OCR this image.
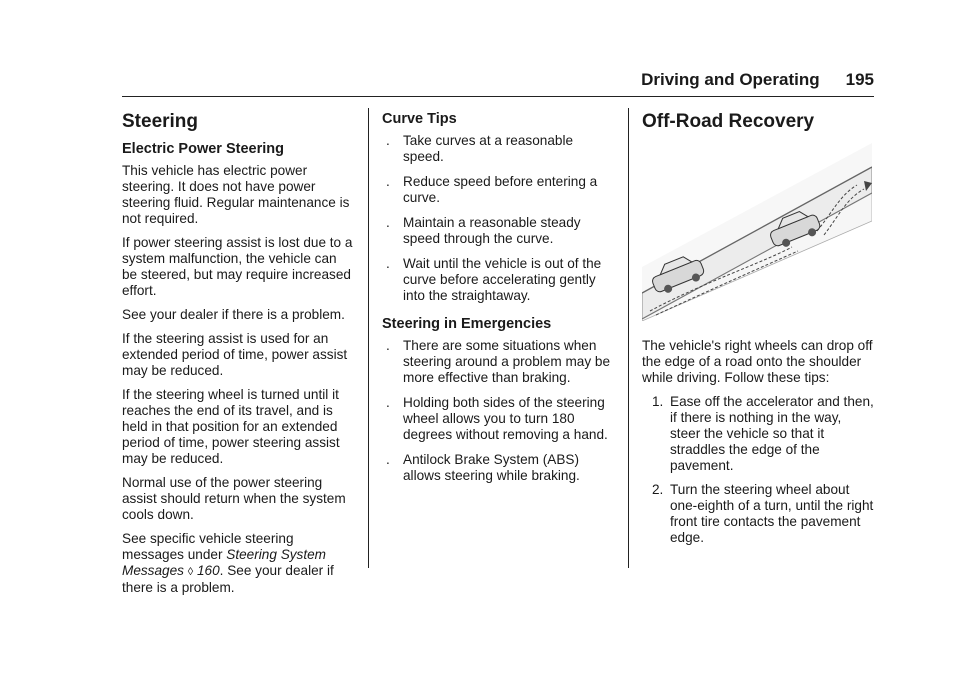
Driving and Operating 195
Steering
Electric Power Steering

This vehicle has electric power steering. It does not have power steering fluid. Regular maintenance is not required.

If power steering assist is lost due to a system malfunction, the vehicle can be steered, but may require increased effort.

See your dealer if there is a problem.

If the steering assist is used for an extended period of time, power assist may be reduced.

If the steering wheel is turned until it reaches the end of its travel, and is held in that position for an extended period of time, power steering assist may be reduced.

Normal use of the power steering assist should return when the system cools down.

See specific vehicle steering messages under Steering System Messages ◊ 160. See your dealer if there is a problem.

Curve Tips
. Take curves at a reasonable speed.
. Reduce speed before entering a curve.
. Maintain a reasonable steady speed through the curve.
. Wait until the vehicle is out of the curve before accelerating gently into the straightaway.
Steering in Emergencies
. There are some situations when steering around a problem may be more effective than braking.
. Holding both sides of the steering wheel allows you to turn 180 degrees without removing a hand.
. Antilock Brake System (ABS) allows steering while braking.
Off-Road Recovery

The vehicle's right wheels can drop off the edge of a road onto the shoulder while driving. Follow these tips:

1. Ease off the accelerator and then, if there is nothing in the way, steer the vehicle so that it straddles the edge of the pavement.
2. Turn the steering wheel about one-eighth of a turn, until the right front tire contacts the pavement edge.
